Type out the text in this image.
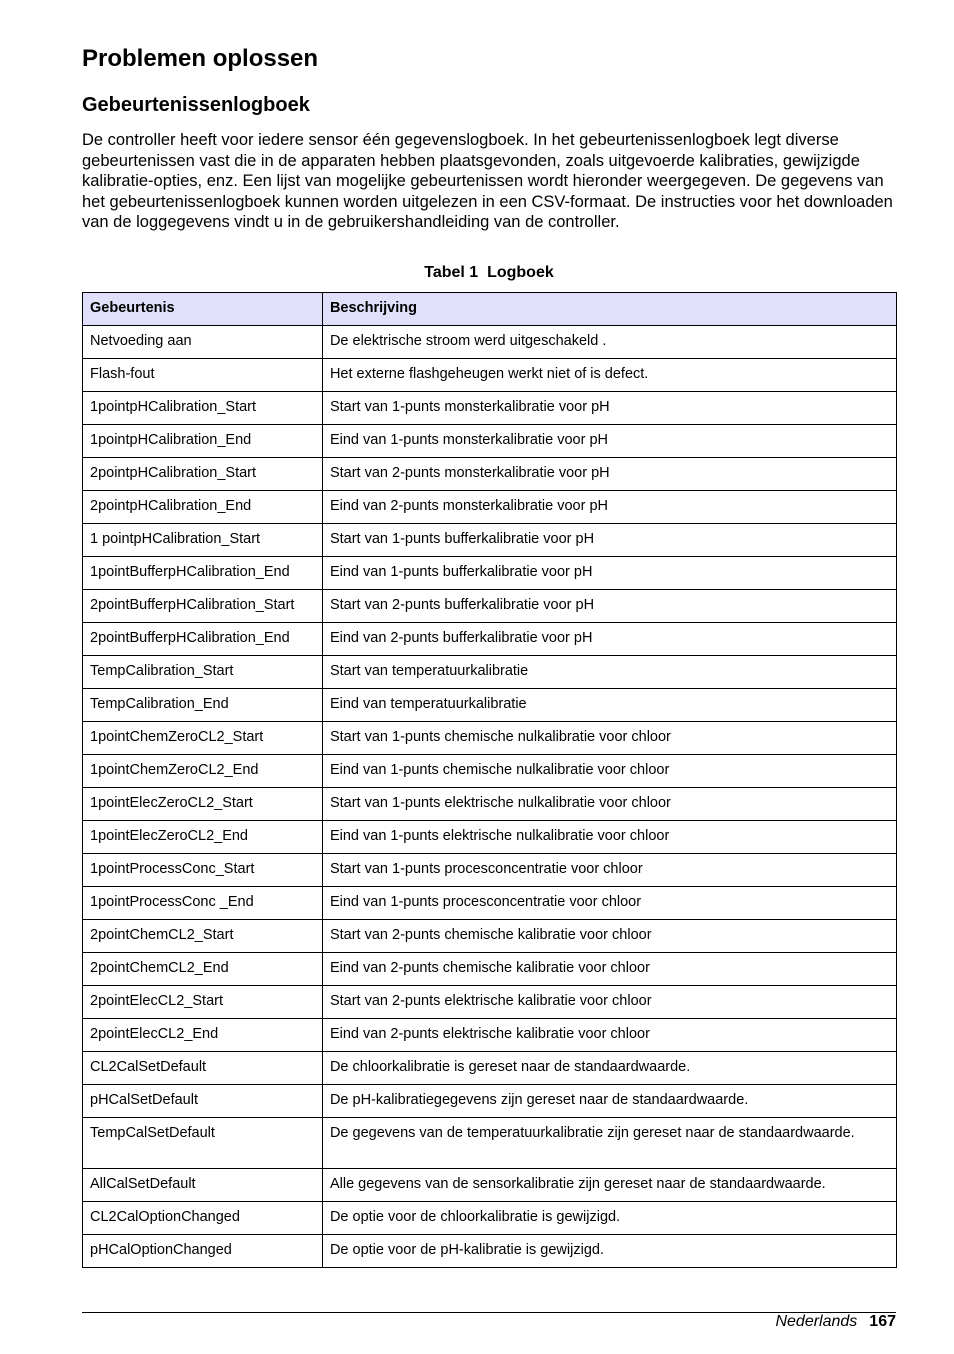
Problemen oplossen
Gebeurtenissenlogboek

De controller heeft voor iedere sensor één gegevenslogboek. In het gebeurtenissenlogboek legt diverse gebeurtenissen vast die in de apparaten hebben plaatsgevonden, zoals uitgevoerde kalibraties, gewijzigde kalibratie-opties, enz. Een lijst van mogelijke gebeurtenissen wordt hieronder weergegeven. De gegevens van het gebeurtenissenlogboek kunnen worden uitgelezen in een CSV-formaat. De instructies voor het downloaden van de loggegevens vindt u in de gebruikershandleiding van de controller.

Tabel 1 Logboek
Gebeurtenis	Beschrijving
Netvoeding aan	De elektrische stroom werd uitgeschakeld .
Flash-fout	Het externe flashgeheugen werkt niet of is defect.
1pointpHCalibration_Start	Start van 1-punts monsterkalibratie voor pH
1pointpHCalibration_End	Eind van 1-punts monsterkalibratie voor pH
2pointpHCalibration_Start	Start van 2-punts monsterkalibratie voor pH
2pointpHCalibration_End	Eind van 2-punts monsterkalibratie voor pH
1 pointpHCalibration_Start	Start van 1-punts bufferkalibratie voor pH
1pointBufferpHCalibration_End	Eind van 1-punts bufferkalibratie voor pH
2pointBufferpHCalibration_Start	Start van 2-punts bufferkalibratie voor pH
2pointBufferpHCalibration_End	Eind van 2-punts bufferkalibratie voor pH
TempCalibration_Start	Start van temperatuurkalibratie
TempCalibration_End	Eind van temperatuurkalibratie
1pointChemZeroCL2_Start	Start van 1-punts chemische nulkalibratie voor chloor
1pointChemZeroCL2_End	Eind van 1-punts chemische nulkalibratie voor chloor
1pointElecZeroCL2_Start	Start van 1-punts elektrische nulkalibratie voor chloor
1pointElecZeroCL2_End	Eind van 1-punts elektrische nulkalibratie voor chloor
1pointProcessConc_Start	Start van 1-punts procesconcentratie voor chloor
1pointProcessConc _End	Eind van 1-punts procesconcentratie voor chloor
2pointChemCL2_Start	Start van 2-punts chemische kalibratie voor chloor
2pointChemCL2_End	Eind van 2-punts chemische kalibratie voor chloor
2pointElecCL2_Start	Start van 2-punts elektrische kalibratie voor chloor
2pointElecCL2_End	Eind van 2-punts elektrische kalibratie voor chloor
CL2CalSetDefault	De chloorkalibratie is gereset naar de standaardwaarde.
pHCalSetDefault	De pH-kalibratiegegevens zijn gereset naar de standaardwaarde.
TempCalSetDefault	De gegevens van de temperatuurkalibratie zijn gereset naar de standaardwaarde.
AllCalSetDefault	Alle gegevens van de sensorkalibratie zijn gereset naar de standaardwaarde.
CL2CalOptionChanged	De optie voor de chloorkalibratie is gewijzigd.
pHCalOptionChanged	De optie voor de pH-kalibratie is gewijzigd.
Nederlands 167
